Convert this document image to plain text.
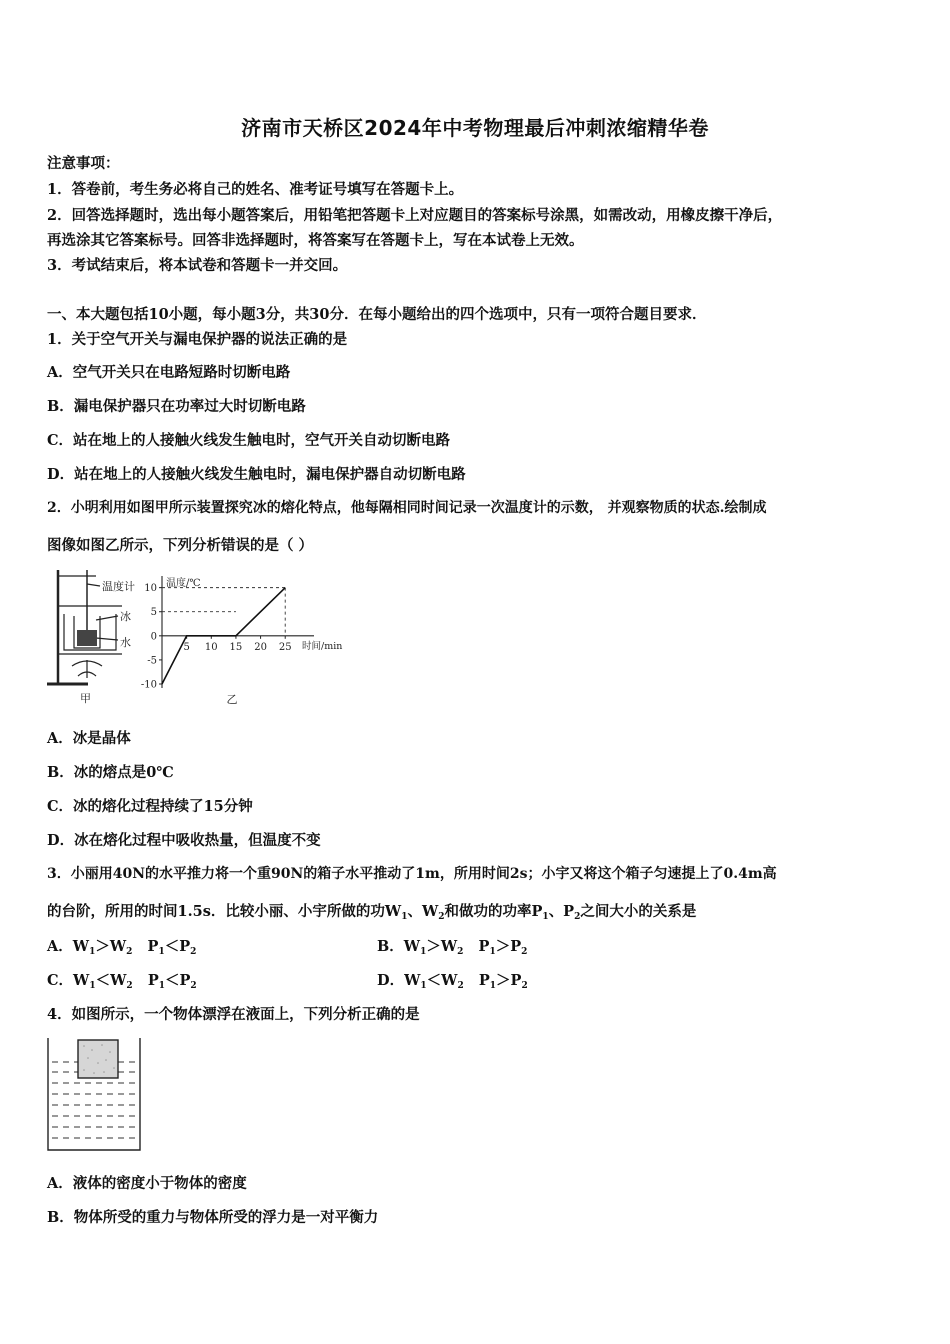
济南市天桥区2024年中考物理最后冲刺浓缩精华卷
注意事项：
1．答卷前，考生务必将自己的姓名、准考证号填写在答题卡上。
2．回答选择题时，选出每小题答案后，用铅笔把答题卡上对应题目的答案标号涂黑，如需改动，用橡皮擦干净后，
再选涂其它答案标号。回答非选择题时，将答案写在答题卡上，写在本试卷上无效。
3．考试结束后，将本试卷和答题卡一并交回。
一、本大题包括10小题，每小题3分，共30分．在每小题给出的四个选项中，只有一项符合题目要求．
1．关于空气开关与漏电保护器的说法正确的是
A．空气开关只在电路短路时切断电路
B．漏电保护器只在功率过大时切断电路
C．站在地上的人接触火线发生触电时，空气开关自动切断电路
D．站在地上的人接触火线发生触电时，漏电保护器自动切断电路
2．小明利用如图甲所示装置探究冰的熔化特点，他每隔相同时间记录一次温度计的示数， 并观察物质的状态.绘制成
图像如图乙所示，下列分析错误的是（ ）
温度计
冰
水
甲
温度/℃
时间/min
10
5
0
-5
-10
5 10 15 20 25
乙
A．冰是晶体
B．冰的熔点是0℃
C．冰的熔化过程持续了15分钟
D．冰在熔化过程中吸收热量，但温度不变
3．小丽用40N的水平推力将一个重90N的箱子水平推动了1m，所用时间2s；小宇又将这个箱子匀速提上了0.4m高
的台阶，所用的时间1.5s．比较小丽、小宇所做的功$W_1$、$W_2$和做功的功率$P_1$、$P_2$之间大小的关系是
A．$W_1>W_2$ $P_1<P_2$	B．$W_1>W_2$ $P_1>P_2$
C．$W_1<W_2$ $P_1<P_2$	D．$W_1<W_2$ $P_1>P_2$
4．如图所示，一个物体漂浮在液面上，下列分析正确的是
A．液体的密度小于物体的密度
B．物体所受的重力与物体所受的浮力是一对平衡力
